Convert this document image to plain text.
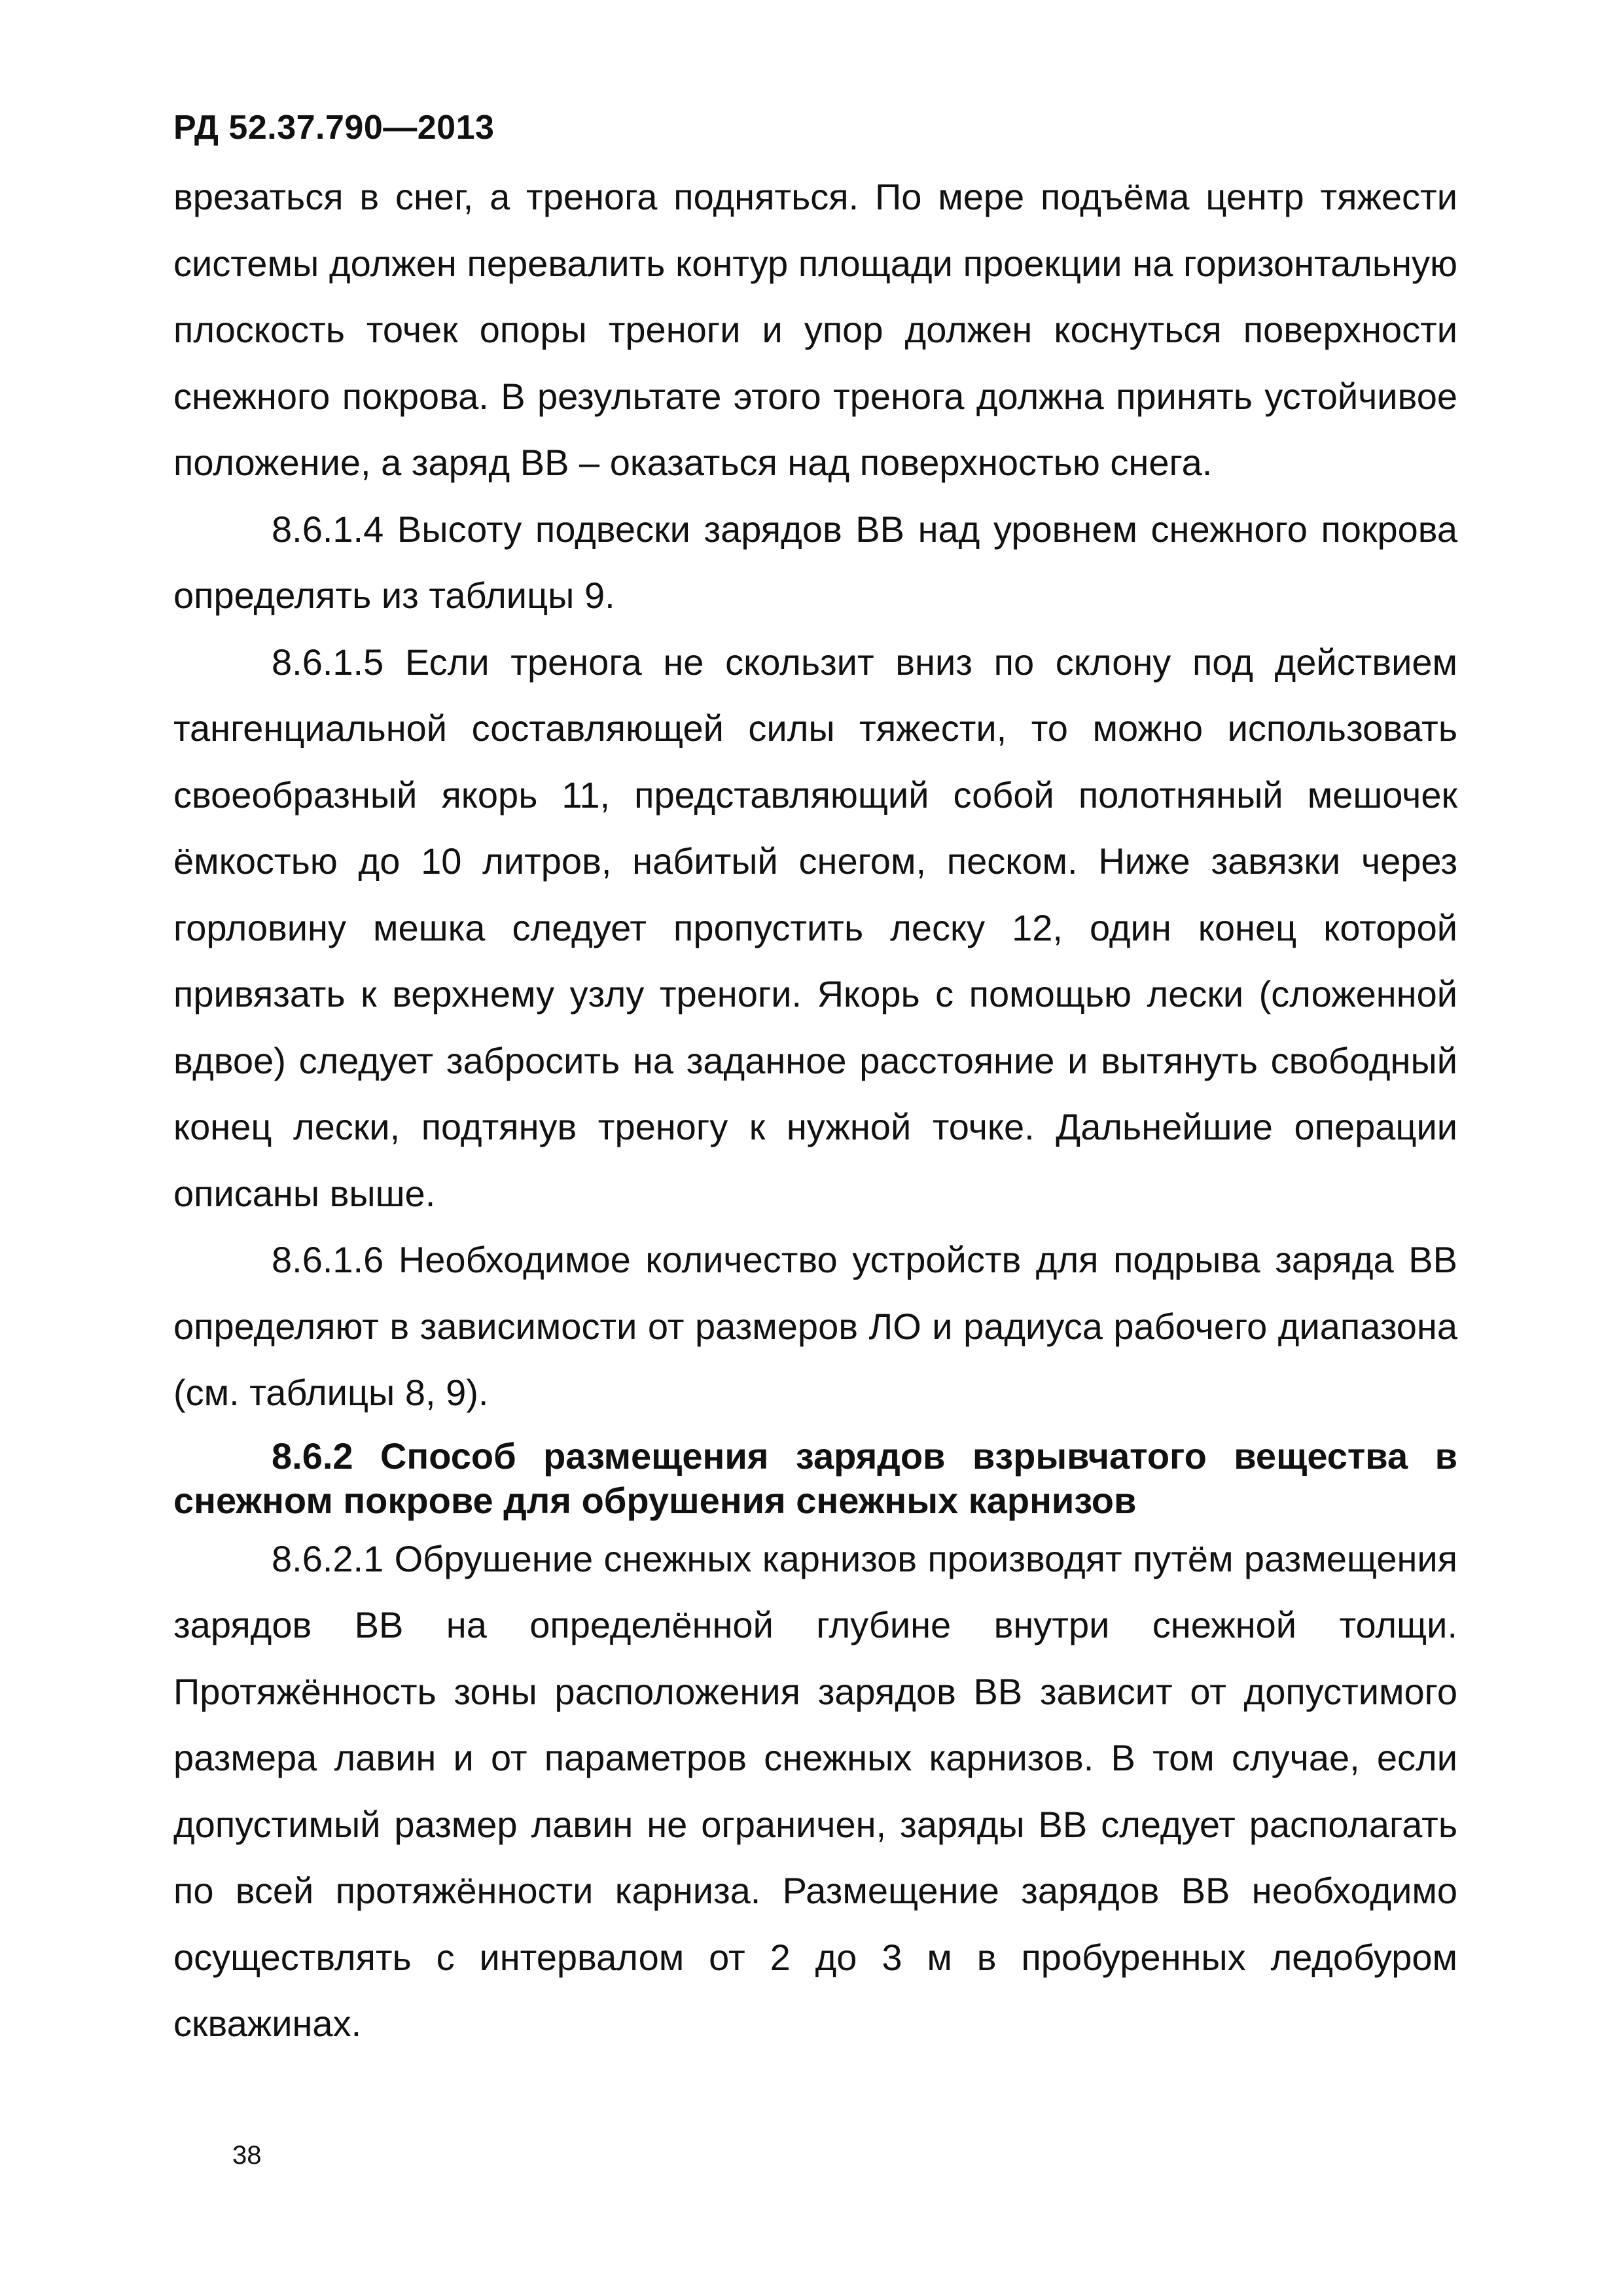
РД 52.37.790—2013

врезаться в снег, а тренога подняться. По мере подъёма центр тяжести системы должен перевалить контур площади проекции на горизонтальную плоскость точек опоры треноги и упор должен коснуться поверхности снежного покрова. В результате этого тренога должна принять устойчивое положение, а заряд ВВ – оказаться над поверхностью снега.

8.6.1.4 Высоту подвески зарядов ВВ над уровнем снежного покрова определять из таблицы 9.

8.6.1.5 Если тренога не скользит вниз по склону под действием тангенциальной составляющей силы тяжести, то можно использовать своеобразный якорь 11, представляющий собой полотняный мешочек ёмкостью до 10 литров, набитый снегом, песком. Ниже завязки через горловину мешка следует пропустить леску 12, один конец которой привязать к верхнему узлу треноги. Якорь с помощью лески (сложенной вдвое) следует забросить на заданное расстояние и вытянуть свободный конец лески, подтянув треногу к нужной точке. Дальнейшие операции описаны выше.

8.6.1.6 Необходимое количество устройств для подрыва заряда ВВ определяют в зависимости от размеров ЛО и радиуса рабочего диапазона (см. таблицы 8, 9).

8.6.2 Способ размещения зарядов взрывчатого вещества в снежном покрове для обрушения снежных карнизов

8.6.2.1 Обрушение снежных карнизов производят путём размещения зарядов ВВ на определённой глубине внутри снежной толщи. Протяжённость зоны расположения зарядов ВВ зависит от допустимого размера лавин и от параметров снежных карнизов. В том случае, если допустимый размер лавин не ограничен, заряды ВВ следует располагать по всей протяжённости карниза. Размещение зарядов ВВ необходимо осуществлять с интервалом от 2 до 3 м в пробуренных ледобуром скважинах.

38
